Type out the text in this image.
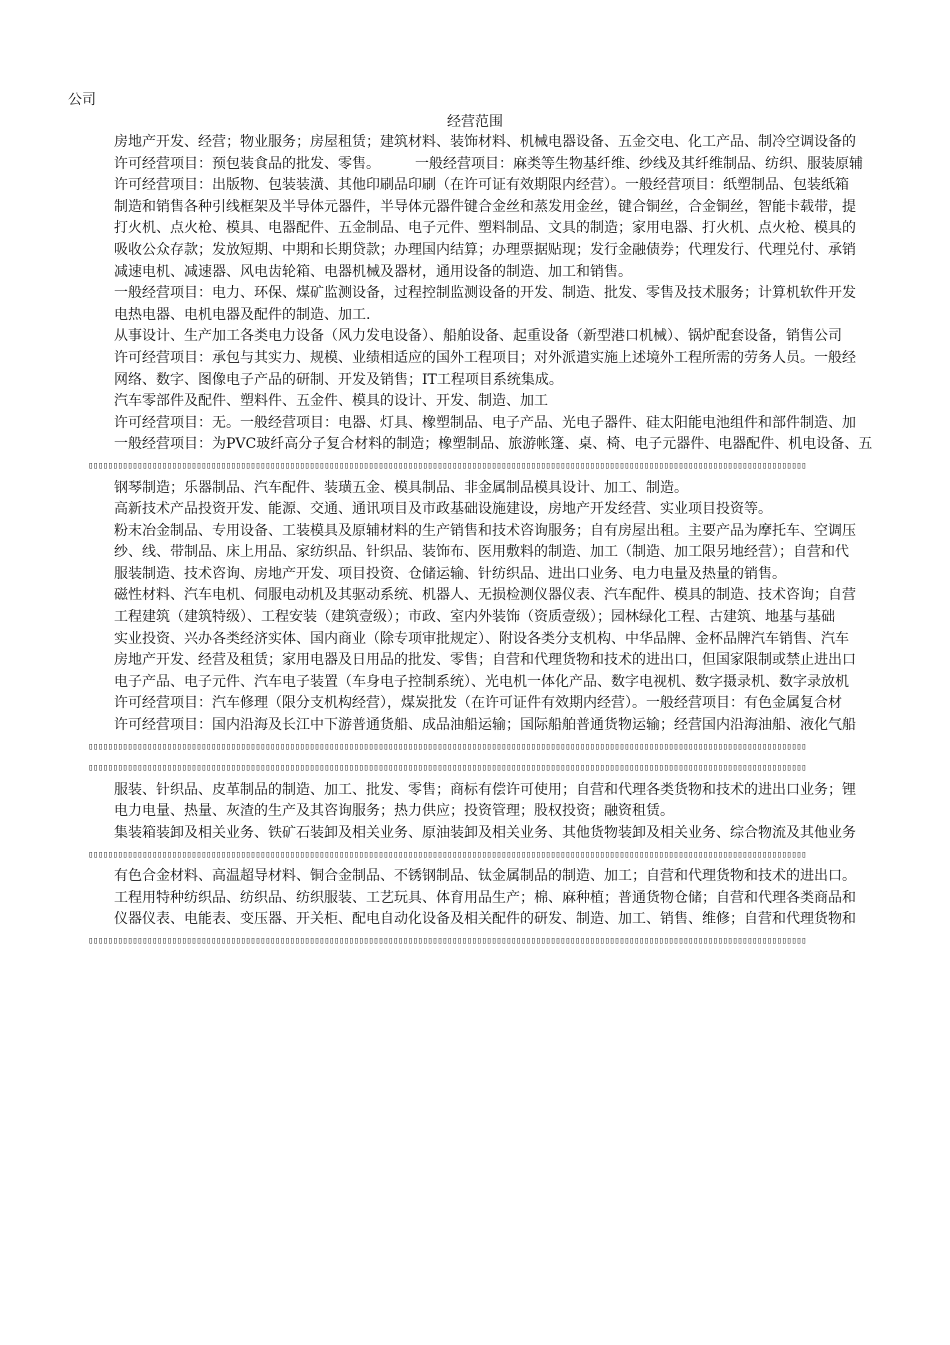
公司
经营范围
房地产开发、经营；物业服务；房屋租赁；建筑材料、装饰材料、机械电器设备、五金交电、化工产品、制冷空调设备的
许可经营项目：预包装食品的批发、零售。　　　一般经营项目：麻类等生物基纤维、纱线及其纤维制品、纺织、服装原辅
许可经营项目：出版物、包装装潢、其他印刷品印刷（在许可证有效期限内经营）。一般经营项目：纸塑制品、包装纸箱
制造和销售各种引线框架及半导体元器件，半导体元器件键合金丝和蒸发用金丝，键合铜丝，合金铜丝，智能卡载带，提
打火机、点火枪、模具、电器配件、五金制品、电子元件、塑料制品、文具的制造；家用电器、打火机、点火枪、模具的
吸收公众存款；发放短期、中期和长期贷款；办理国内结算；办理票据贴现；发行金融债券；代理发行、代理兑付、承销
减速电机、减速器、风电齿轮箱、电器机械及器材，通用设备的制造、加工和销售。
一般经营项目：电力、环保、煤矿监测设备，过程控制监测设备的开发、制造、批发、零售及技术服务；计算机软件开发
电热电器、电机电器及配件的制造、加工.
从事设计、生产加工各类电力设备（风力发电设备）、船舶设备、起重设备（新型港口机械）、锅炉配套设备，销售公司
许可经营项目：承包与其实力、规模、业绩相适应的国外工程项目；对外派遣实施上述境外工程所需的劳务人员。一般经
网络、数字、图像电子产品的研制、开发及销售；IT工程项目系统集成。
汽车零部件及配件、塑料件、五金件、模具的设计、开发、制造、加工
许可经营项目：无。一般经营项目：电器、灯具、橡塑制品、电子产品、光电子器件、硅太阳能电池组件和部件制造、加
一般经营项目：为PVC玻纤高分子复合材料的制造；橡塑制品、旅游帐篷、桌、椅、电子元器件、电器配件、机电设备、五
▯▯▯▯▯▯▯▯▯▯▯▯▯▯▯▯▯▯▯▯▯▯▯▯▯▯▯▯▯▯▯▯▯▯▯▯▯▯▯▯▯▯▯▯▯▯▯▯▯▯▯▯▯▯▯▯▯▯▯▯▯▯▯▯▯▯▯▯▯▯▯▯▯▯▯▯▯▯▯▯▯▯▯▯▯▯▯▯▯▯▯▯▯▯▯▯▯▯▯▯▯▯▯▯▯▯▯▯▯▯▯▯▯▯▯▯▯▯▯▯▯▯▯▯▯▯▯▯▯▯▯▯▯▯▯▯▯▯▯▯▯▯▯▯▯▯
钢琴制造；乐器制品、汽车配件、装璜五金、模具制品、非金属制品模具设计、加工、制造。
高新技术产品投资开发、能源、交通、通讯项目及市政基础设施建设，房地产开发经营、实业项目投资等。
粉末冶金制品、专用设备、工装模具及原辅材料的生产销售和技术咨询服务；自有房屋出租。主要产品为摩托车、空调压
纱、线、带制品、床上用品、家纺织品、针织品、装饰布、医用敷料的制造、加工（制造、加工限另地经营）；自营和代
服装制造、技术咨询、房地产开发、项目投资、仓储运输、针纺织品、进出口业务、电力电量及热量的销售。
磁性材料、汽车电机、伺服电动机及其驱动系统、机器人、无损检测仪器仪表、汽车配件、模具的制造、技术咨询；自营
工程建筑（建筑特级）、工程安装（建筑壹级）；市政、室内外装饰（资质壹级）；园林绿化工程、古建筑、地基与基础
实业投资、兴办各类经济实体、国内商业（除专项审批规定）、附设各类分支机构、中华品牌、金杯品牌汽车销售、汽车
房地产开发、经营及租赁；家用电器及日用品的批发、零售；自营和代理货物和技术的进出口，但国家限制或禁止进出口
电子产品、电子元件、汽车电子装置（车身电子控制系统）、光电机一体化产品、数字电视机、数字摄录机、数字录放机
许可经营项目：汽车修理（限分支机构经营），煤炭批发（在许可证件有效期内经营）。一般经营项目：有色金属复合材
许可经营项目：国内沿海及长江中下游普通货船、成品油船运输；国际船舶普通货物运输；经营国内沿海油船、液化气船
▯▯▯▯▯▯▯▯▯▯▯▯▯▯▯▯▯▯▯▯▯▯▯▯▯▯▯▯▯▯▯▯▯▯▯▯▯▯▯▯▯▯▯▯▯▯▯▯▯▯▯▯▯▯▯▯▯▯▯▯▯▯▯▯▯▯▯▯▯▯▯▯▯▯▯▯▯▯▯▯▯▯▯▯▯▯▯▯▯▯▯▯▯▯▯▯▯▯▯▯▯▯▯▯▯▯▯▯▯▯▯▯▯▯▯▯▯▯▯▯▯▯▯▯▯▯▯▯▯▯▯▯▯▯▯▯▯▯▯▯▯▯▯▯▯▯
▯▯▯▯▯▯▯▯▯▯▯▯▯▯▯▯▯▯▯▯▯▯▯▯▯▯▯▯▯▯▯▯▯▯▯▯▯▯▯▯▯▯▯▯▯▯▯▯▯▯▯▯▯▯▯▯▯▯▯▯▯▯▯▯▯▯▯▯▯▯▯▯▯▯▯▯▯▯▯▯▯▯▯▯▯▯▯▯▯▯▯▯▯▯▯▯▯▯▯▯▯▯▯▯▯▯▯▯▯▯▯▯▯▯▯▯▯▯▯▯▯▯▯▯▯▯▯▯▯▯▯▯▯▯▯▯▯▯▯▯▯▯▯▯▯▯
服装、针织品、皮革制品的制造、加工、批发、零售；商标有偿许可使用；自营和代理各类货物和技术的进出口业务；锂
电力电量、热量、灰渣的生产及其咨询服务；热力供应；投资管理；股权投资；融资租赁。
集装箱装卸及相关业务、铁矿石装卸及相关业务、原油装卸及相关业务、其他货物装卸及相关业务、综合物流及其他业务
▯▯▯▯▯▯▯▯▯▯▯▯▯▯▯▯▯▯▯▯▯▯▯▯▯▯▯▯▯▯▯▯▯▯▯▯▯▯▯▯▯▯▯▯▯▯▯▯▯▯▯▯▯▯▯▯▯▯▯▯▯▯▯▯▯▯▯▯▯▯▯▯▯▯▯▯▯▯▯▯▯▯▯▯▯▯▯▯▯▯▯▯▯▯▯▯▯▯▯▯▯▯▯▯▯▯▯▯▯▯▯▯▯▯▯▯▯▯▯▯▯▯▯▯▯▯▯▯▯▯▯▯▯▯▯▯▯▯▯▯▯▯▯▯▯▯
有色合金材料、高温超导材料、铜合金制品、不锈钢制品、钛金属制品的制造、加工；自营和代理货物和技术的进出口。
工程用特种纺织品、纺织品、纺织服装、工艺玩具、体育用品生产；棉、麻种植；普通货物仓储；自营和代理各类商品和
仪器仪表、电能表、变压器、开关柜、配电自动化设备及相关配件的研发、制造、加工、销售、维修；自营和代理货物和
▯▯▯▯▯▯▯▯▯▯▯▯▯▯▯▯▯▯▯▯▯▯▯▯▯▯▯▯▯▯▯▯▯▯▯▯▯▯▯▯▯▯▯▯▯▯▯▯▯▯▯▯▯▯▯▯▯▯▯▯▯▯▯▯▯▯▯▯▯▯▯▯▯▯▯▯▯▯▯▯▯▯▯▯▯▯▯▯▯▯▯▯▯▯▯▯▯▯▯▯▯▯▯▯▯▯▯▯▯▯▯▯▯▯▯▯▯▯▯▯▯▯▯▯▯▯▯▯▯▯▯▯▯▯▯▯▯▯▯▯▯▯▯▯▯▯
